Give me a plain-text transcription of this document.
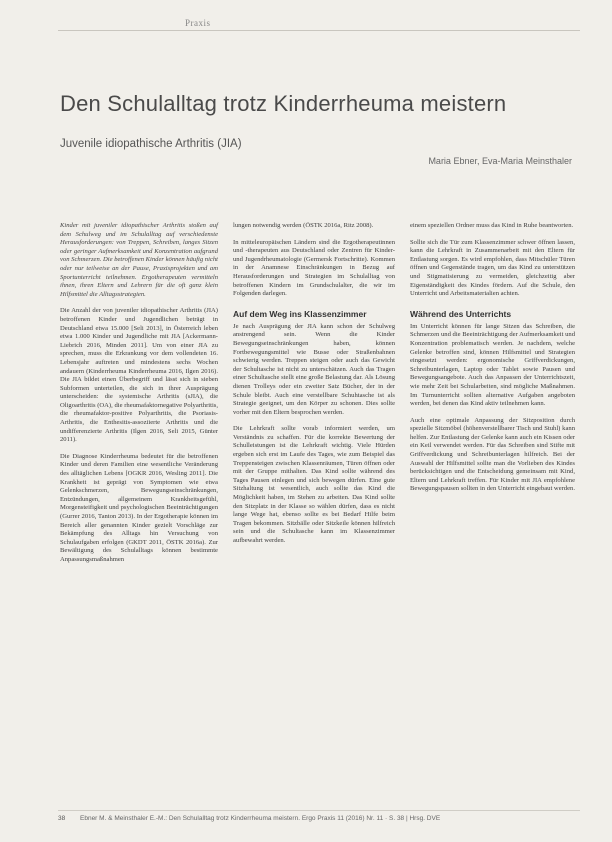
Praxis
Den Schulalltag trotz Kinderrheuma meistern
Juvenile idiopathische Arthritis (JIA)
Maria Ebner, Eva-Maria Meinsthaler

Kinder mit juveniler idiopathischer Arthritis stoßen auf dem Schulweg und im Schulalltag auf verschiedenste Herausforderungen: von Treppen, Schreiben, langes Sitzen oder geringer Aufmerksamkeit und Konzentration aufgrund von Schmerzen. Die betroffenen Kinder können häufig nicht oder nur teilweise an der Pause, Praxisprojekten und am Sportunterricht teilnehmen. Ergotherapeuten vermitteln ihnen, ihren Eltern und Lehrern für die oft ganz klein Hilfsmittel die Alltagsstrategien.

Die Anzahl der von juveniler idiopathischer Arthritis (JIA) betroffenen Kinder und Jugendlichen beträgt in Deutschland etwa 15.000 [Seli 2013], in Österreich leben etwa 1.000 Kinder und Jugendliche mit JIA [Ackermann-Liebrich 2016, Minden 2011]. Um von einer JIA zu sprechen, muss die Erkrankung vor dem vollendeten 16. Lebensjahr auftreten und mindestens sechs Wochen andauern (Kinderrheuma Kinderrheuma 2016, Ilgen 2016). Die JIA bildet einen Überbegriff und lässt sich in sieben Subformen unterteilen, die sich in ihrer Ausprägung unterscheiden: die systemische Arthritis (sJIA), die Oligoarthritis (OA), die rheumafaktornegative Polyarthritis, die rheumafaktor-positive Polyarthritis, die Psoriasis-Arthritis, die Enthesitis-assoziierte Arthritis und die undifferenzierte Arthritis (Ilgen 2016, Seli 2015, Günter 2011).

Die Diagnose Kinderrheuma bedeutet für die betroffenen Kinder und deren Familien eine wesentliche Veränderung des alltäglichen Lebens [OGKR 2016, Wesling 2011]. Die Krankheit ist geprägt von Symptomen wie etwa Gelenkschmerzen, Bewegungseinschränkungen, Entzündungen, allgemeinem Krankheitsgefühl, Morgensteifigkeit und psychologischen Beeinträchtigungen (Gurrer 2016, Tanton 2013). In der Ergotherapie können im Bereich aller genannten Kinder gezielt Vorschläge zur Bekämpfung des Alltags hin Versuchung von Schulaufgaben erfolgen (GKDT 2011, ÖSTK 2016a). Zur Bewältigung des Schulalltags können bestimmte Anpassungsmaßnahmen

lungen notwendig werden (ÖSTK 2016a, Ritz 2008).

In mitteleuropäischen Ländern sind die Ergotherapeutinnen und -therapeuten aus Deutschland oder Zentren für Kinder- und Jugendrheumatologie (Germersk Fortschritte). Kommen in der Anamnese Einschränkungen in Bezug auf Herausforderungen und Strategien im Schulalltag von betroffenen Kindern im Grundschulalter, die wir im Folgenden darlegen.

Auf dem Weg ins Klassenzimmer

Je nach Ausprägung der JIA kann schon der Schulweg anstrengend sein. Wenn die Kinder Bewegungseinschränkungen haben, können Fortbewegungsmittel wie Busse oder Straßenbahnen schwierig werden. Treppen steigen oder auch das Gewicht der Schultasche ist nicht zu unterschätzen. Auch das Tragen einer Schultasche stellt eine große Belastung dar. Als Lösung dienen Trolleys oder ein zweiter Satz Bücher, der in der Schule bleibt. Auch eine verstellbare Schuhtasche ist als Strategie geeignet, um den Körper zu schonen. Dies sollte vorher mit den Eltern besprochen werden.

Die Lehrkraft sollte vorab informiert werden, um Verständnis zu schaffen. Für die korrekte Bewertung der Schulleistungen ist die Lehrkraft wichtig. Viele Hürden ergeben sich erst im Laufe des Tages, wie zum Beispiel das Treppensteigen zwischen Klassenräumen, Türen öffnen oder mit der Gruppe mithalten. Das Kind sollte während des Tages Pausen einlegen und sich bewegen dürfen. Eine gute Sitzhaltung ist wesentlich, auch sollte das Kind die Möglichkeit haben, im Stehen zu arbeiten. Das Kind sollte den Sitzplatz in der Klasse so wählen dürfen, dass es nicht lange Wege hat, ebenso sollte es bei Bedarf Hilfe beim Tragen bekommen. Sitzbälle oder Sitzkeile können hilfreich sein und die Schultasche kann im Klassenzimmer aufbewahrt werden.

einem speziellen Ordner muss das Kind in Ruhe beantworten.

Sollte sich die Tür zum Klassenzimmer schwer öffnen lassen, kann die Lehrkraft in Zusammenarbeit mit den Eltern für Entlastung sorgen. Es wird empfohlen, dass Mitschüler Türen öffnen und Gegenstände tragen, um das Kind zu unterstützen und Stigmatisierung zu vermeiden, gleichzeitig aber Eigenständigkeit des Kindes fördern. Auf die Schule, den Unterricht und Arbeitsmaterialien achten.

Während des Unterrichts

Im Unterricht können für lange Sitzen das Schreiben, die Schmerzen und die Beeinträchtigung der Aufmerksamkeit und Konzentration problematisch werden. Je nachdem, welche Gelenke betroffen sind, können Hilfsmittel und Strategien eingesetzt werden: ergonomische Griffverdickungen, Schreibunterlagen, Laptop oder Tablet sowie Pausen und Bewegungsangebote. Auch das Anpassen der Unterrichtszeit, wie mehr Zeit bei Schularbeiten, sind mögliche Maßnahmen. Im Turnunterricht sollten alternative Aufgaben angeboten werden, bei denen das Kind aktiv teilnehmen kann.

Auch eine optimale Anpassung der Sitzposition durch spezielle Sitzmöbel (höhenverstellbarer Tisch und Stuhl) kann helfen. Zur Entlastung der Gelenke kann auch ein Kissen oder ein Keil verwendet werden. Für das Schreiben sind Stifte mit Griffverdickung und Schreibunterlagen hilfreich. Bei der Auswahl der Hilfsmittel sollte man die Vorlieben des Kindes berücksichtigen und die Entscheidung gemeinsam mit Kind, Eltern und Lehrkraft treffen. Für Kinder mit JIA empfohlene Bewegungspausen sollten in den Unterricht eingebaut werden.

38 Ebner M. & Meinsthaler E.-M.: Den Schulalltag trotz Kinderrheuma meistern. Ergo Praxis 11 (2016) Nr. 11 · S. 38 | Hrsg. DVE
